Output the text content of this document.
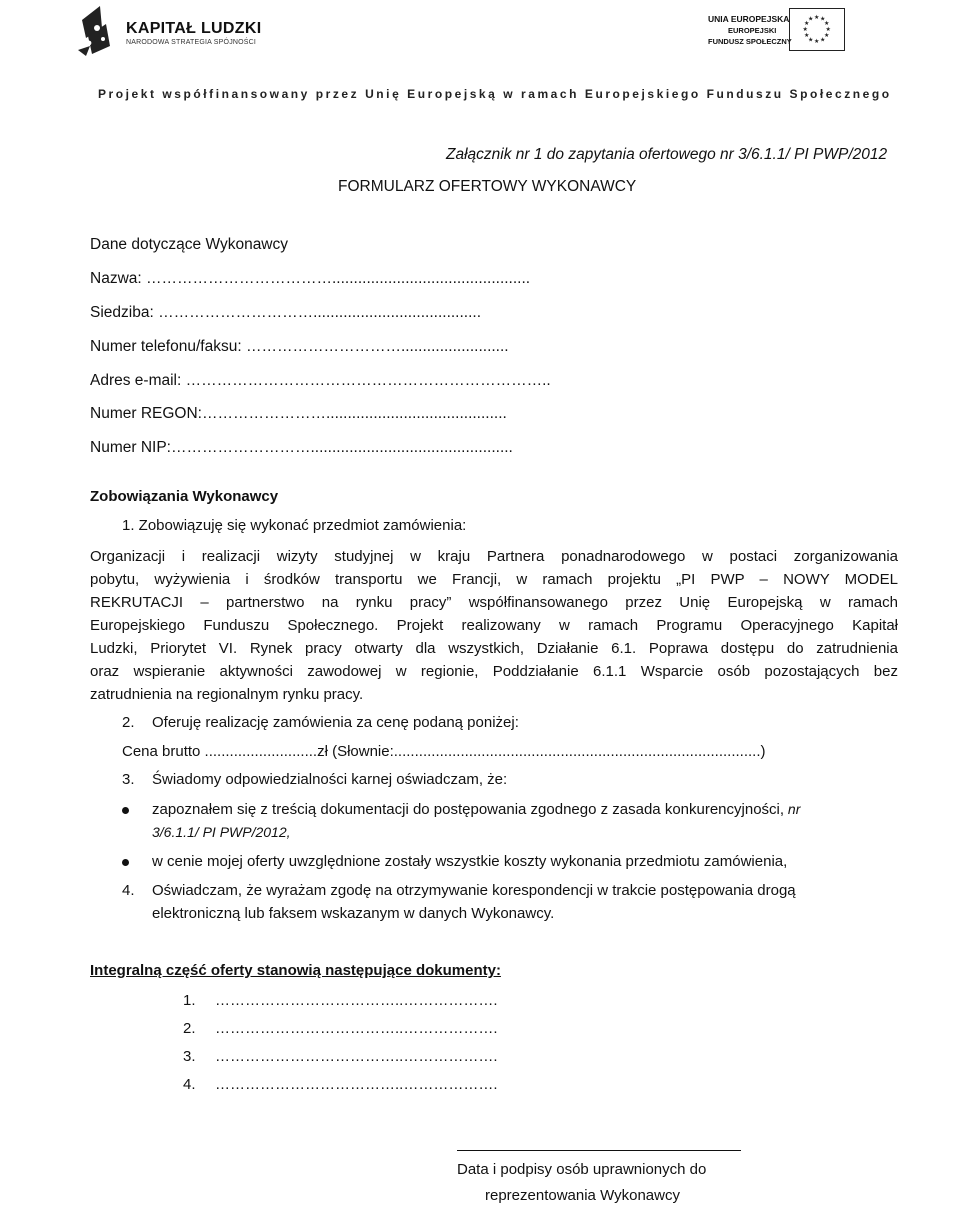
KAPITAŁ LUDZKI
NARODOWA STRATEGIA SPÓJNOŚCI
UNIA EUROPEJSKA
EUROPEJSKI
FUNDUSZ SPOŁECZNY
★ ★
★
★
★
★
★
★
★
★
★
★
Projekt współfinansowany przez Unię Europejską w ramach Europejskiego Funduszu Społecznego
Załącznik nr 1 do zapytania ofertowego nr 3/6.1.1/ PI PWP/2012
FORMULARZ OFERTOWY WYKONAWCY
Dane dotyczące Wykonawcy
Nazwa: ………………………………..............................................
Siedziba: ………………………….......................................
Numer telefonu/faksu: ………………………….........................
Adres e-mail: ……………………………………………………………..
Numer REGON:……………………..........................................
Numer NIP:………………………...............................................
Zobowiązania Wykonawcy
1. Zobowiązuję się wykonać przedmiot zamówienia:
Organizacji i realizacji wizyty studyjnej w kraju Partnera ponadnarodowego w postaci zorganizowania
pobytu, wyżywienia i środków transportu we Francji, w ramach projektu „PI PWP – NOWY MODEL
REKRUTACJI – partnerstwo na rynku pracy” współfinansowanego przez Unię Europejską w ramach
Europejskiego Funduszu Społecznego. Projekt realizowany w ramach Programu Operacyjnego Kapitał
Ludzki, Priorytet VI. Rynek pracy otwarty dla wszystkich, Działanie 6.1. Poprawa dostępu do zatrudnienia
oraz wspieranie aktywności zawodowej w regionie, Poddziałanie 6.1.1 Wsparcie osób pozostających bez
zatrudnienia na regionalnym rynku pracy.
2. Oferuję realizację zamówienia za cenę podaną poniżej:
Cena brutto ...........................zł (Słownie:........................................................................................)
3. Świadomy odpowiedzialności karnej oświadczam, że:
zapoznałem się z treścią dokumentacji do postępowania zgodnego z zasada konkurencyjności, nr
3/6.1.1/ PI PWP/2012,
w cenie mojej oferty uwzględnione zostały wszystkie koszty wykonania przedmiotu zamówienia,
4. Oświadczam, że wyrażam zgodę na otrzymywanie korespondencji w trakcie postępowania drogą
elektroniczną lub faksem wskazanym w danych Wykonawcy.
Integralną część oferty stanowią następujące dokumenty:
1. ………………………………..……………….
2. ………………………………..……………….
3. ………………………………..……………….
4. ………………………………..……………….
Data i podpisy osób uprawnionych do
reprezentowania Wykonawcy
